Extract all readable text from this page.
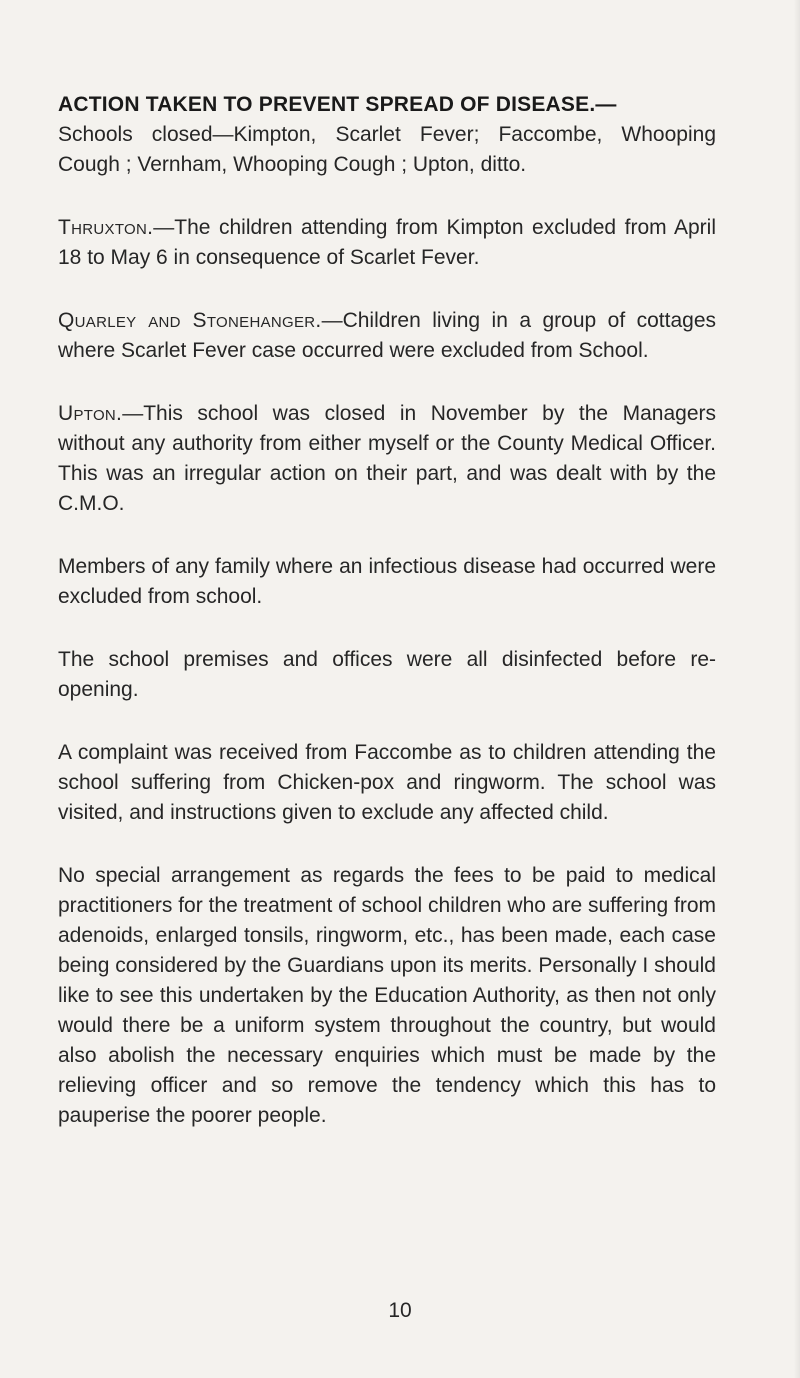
ACTION TAKEN TO PREVENT SPREAD OF DISEASE.—

Schools closed—Kimpton, Scarlet Fever; Faccombe, Whooping Cough ; Vernham, Whooping Cough ; Upton, ditto.

Thruxton.—The children attending from Kimpton excluded from April 18 to May 6 in consequence of Scarlet Fever.

Quarley and Stonehanger.—Children living in a group of cottages where Scarlet Fever case occurred were excluded from School.

Upton.—This school was closed in November by the Managers without any authority from either myself or the County Medical Officer. This was an irregular action on their part, and was dealt with by the C.M.O.

Members of any family where an infectious disease had occurred were excluded from school.

The school premises and offices were all disinfected before re-opening.

A complaint was received from Faccombe as to children attending the school suffering from Chicken-pox and ringworm. The school was visited, and instructions given to exclude any affected child.

No special arrangement as regards the fees to be paid to medical practitioners for the treatment of school children who are suffering from adenoids, enlarged tonsils, ringworm, etc., has been made, each case being considered by the Guardians upon its merits. Personally I should like to see this undertaken by the Education Authority, as then not only would there be a uniform system throughout the country, but would also abolish the necessary enquiries which must be made by the relieving officer and so remove the tendency which this has to pauperise the poorer people.

10
